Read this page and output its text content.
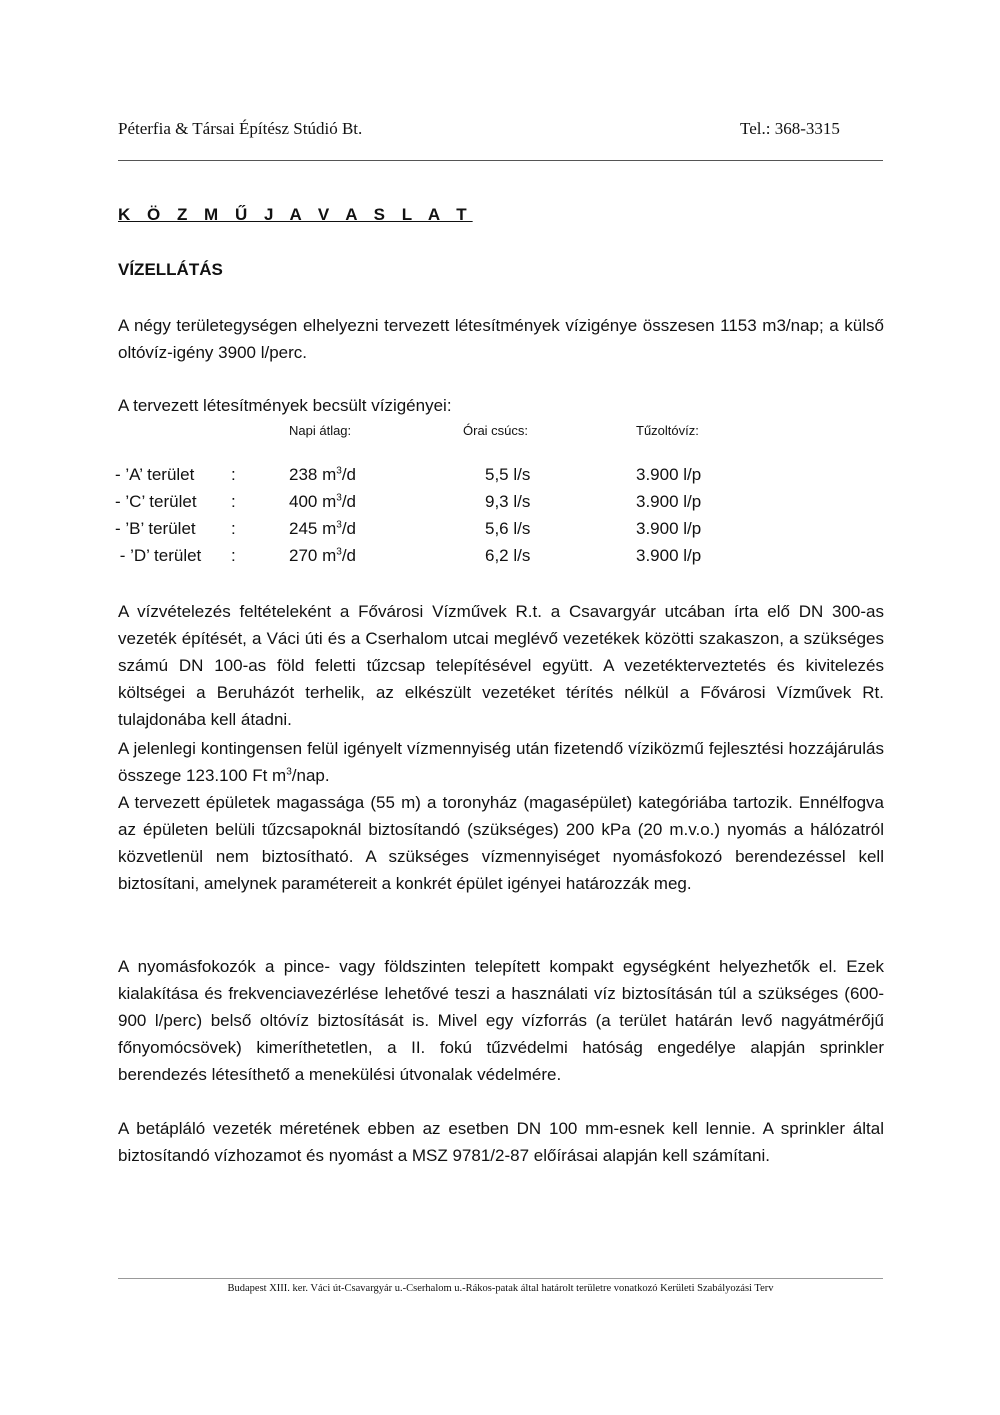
Péterfia & Társai Építész Stúdió Bt.	Tel.: 368-3315
K Ö Z M Ű J A V A S L A T
VÍZELLÁTÁS
A négy területegységen elhelyezni tervezett létesítmények vízigénye összesen 1153 m3/nap; a külső oltóvíz-igény 3900 l/perc.
A tervezett létesítmények becsült vízigényei:
Napi átlag:	Órai csúcs:	Tűzoltóvíz:
- ’A’ terület :	238 $m^3/d$	5,5 l/s	3.900 l/p
- ’C’ terület :	400 $m^3/d$	9,3 l/s	3.900 l/p
- ’B’ terület :	245 $m^3/d$	5,6 l/s	3.900 l/p
- ’D’ terület :	270 $m^3/d$	6,2 l/s	3.900 l/p
A vízvételezés feltételeként a Fővárosi Vízművek R.t. a Csavargyár utcában írta elő DN 300-as vezeték építését, a Váci úti és a Cserhalom utcai meglévő vezetékek közötti szakaszon, a szükséges számú DN 100-as föld feletti tűzcsap telepítésével együtt. A vezetékterveztetés és kivitelezés költségei a Beruházót terhelik, az elkészült vezetéket térítés nélkül a Fővárosi Vízművek Rt. tulajdonába kell átadni.
A jelenlegi kontingensen felül igényelt vízmennyiség után fizetendő víziközmű fejlesztési hozzájárulás összege 123.100 Ft $m^3$/nap.
A tervezett épületek magassága (55 m) a toronyház (magasépület) kategóriába tartozik. Ennélfogva az épületen belüli tűzcsapoknál biztosítandó (szükséges) 200 kPa (20 m.v.o.) nyomás a hálózatról közvetlenül nem biztosítható. A szükséges vízmennyiséget nyomásfokozó berendezéssel kell biztosítani, amelynek paramétereit a konkrét épület igényei határozzák meg.
A nyomásfokozók a pince- vagy földszinten telepített kompakt egységként helyezhetők el. Ezek kialakítása és frekvenciavezérlése lehetővé teszi a használati víz biztosításán túl a szükséges (600-900 l/perc) belső oltóvíz biztosítását is. Mivel egy vízforrás (a terület határán levő nagyátmérőjű főnyomócsövek) kimeríthetetlen, a II. fokú tűzvédelmi hatóság engedélye alapján sprinkler berendezés létesíthető a menekülési útvonalak védelmére.
A betápláló vezeték méretének ebben az esetben DN 100 mm-esnek kell lennie. A sprinkler által biztosítandó vízhozamot és nyomást a MSZ 9781/2-87 előírásai alapján kell számítani.
Budapest XIII. ker. Váci út-Csavargyár u.-Cserhalom u.-Rákos-patak által határolt területre vonatkozó Kerületi Szabályozási Terv
